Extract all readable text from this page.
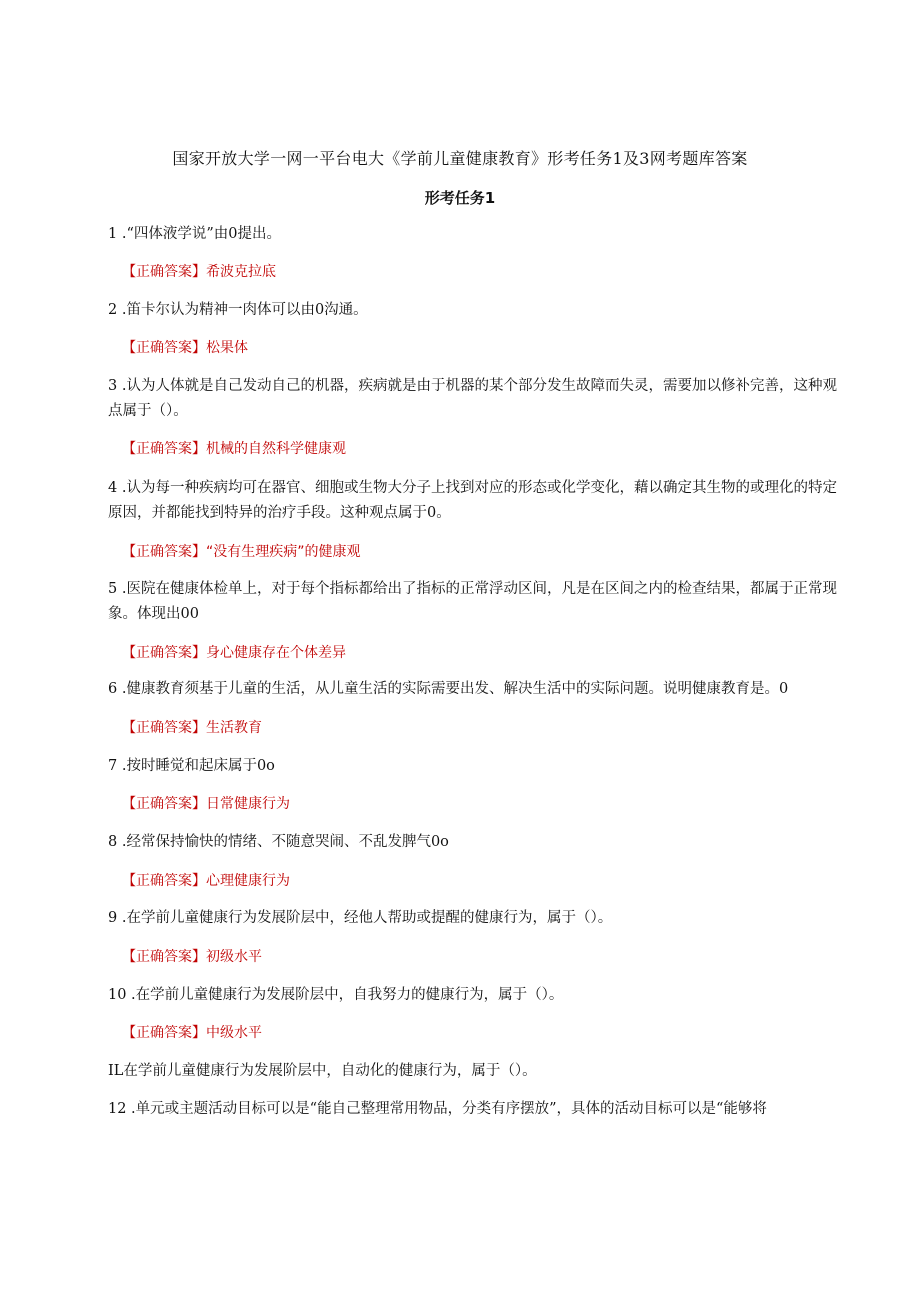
国家开放大学一网一平台电大《学前儿童健康教育》形考任务1及3网考题库答案
形考任务1
1 .“四体液学说”由0提出。
【正确答案】希波克拉底
2 .笛卡尔认为精神一肉体可以由0沟通。
【正确答案】松果体
3 .认为人体就是自己发动自己的机器，疾病就是由于机器的某个部分发生故障而失灵，需要加以修补完善，这种观点属于（）。
【正确答案】机械的自然科学健康观
4 .认为每一种疾病均可在器官、细胞或生物大分子上找到对应的形态或化学变化，藉以确定其生物的或理化的特定原因，并都能找到特异的治疗手段。这种观点属于0。
【正确答案】“没有生理疾病”的健康观
5 .医院在健康体检单上，对于每个指标都给出了指标的正常浮动区间，凡是在区间之内的检查结果，都属于正常现象。体现出00
【正确答案】身心健康存在个体差异
6 .健康教育须基于儿童的生活，从儿童生活的实际需要出发、解决生活中的实际问题。说明健康教育是。0
【正确答案】生活教育
7 .按时睡觉和起床属于0o
【正确答案】日常健康行为
8 .经常保持愉快的情绪、不随意哭闹、不乱发脾气0o
【正确答案】心理健康行为
9 .在学前儿童健康行为发展阶层中，经他人帮助或提醒的健康行为，属于（）。
【正确答案】初级水平
10 .在学前儿童健康行为发展阶层中，自我努力的健康行为，属于（）。
【正确答案】中级水平
IL在学前儿童健康行为发展阶层中，自动化的健康行为，属于（）。
12 .单元或主题活动目标可以是“能自己整理常用物品，分类有序摆放”，具体的活动目标可以是“能够将
